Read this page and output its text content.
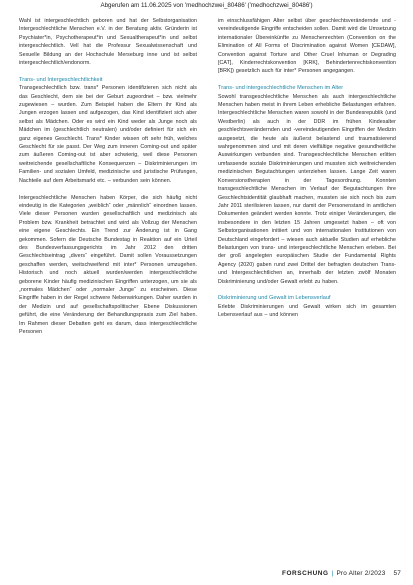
Abgerufen am 11.06.2025 von 'medhochzwei_80486' ('medhochzwei_80486')

Wahl ist intergeschlechtlich geboren und hat der Selbstorganisation Intergeschlechtliche Menschen e.V. in der Beratung aktiv. Gründerin ist Psychiater*in, Psychotherapeut*in und Sexualtherapeut*in und selbst intergeschlechtlich. Vell hat die Professur Sexualwissenschaft und Sexuelle Bildung an der Hochschule Merseburg inne und ist selbst intergeschlechtlich/endonorm.

Trans- und Intergeschlechtlichkeit

Transgeschlechtlich bzw. trans* Personen identifizieren sich nicht als das Geschlecht, dem sie bei der Geburt zugeordnet – bzw. vielmehr zugewiesen – wurden. Zum Beispiel haben die Eltern ihr Kind als Jungen erzogen lassen und aufgezogen, das Kind identifiziert sich aber selbst als Mädchen. Oder es wird ein Kind weder als Junge noch als Mädchen im (geschlechtlich neutralen) und/oder definiert für sich ein ganz eigenes Geschlecht. Trans* Kinder wissen oft sehr früh, welches Geschlecht für sie passt. Der Weg zum inneren Coming-out und später zum äußeren Coming-out ist aber schwierig, weil diese Personen weitreichende gesellschaftliche Konsequenzen – Diskriminierungen im Familien- und sozialen Umfeld, medizinische und juristische Prüfungen, Nachteile auf dem Arbeitsmarkt etc. – verbunden sein können.

Intergeschlechtliche Menschen haben Körper, die sich häufig nicht eindeutig in die Kategorien „weiblich“ oder „männlich“ einordnen lassen. Viele dieser Personen wurden gesellschaftlich und medizinisch als Problem bzw. Krankheit betrachtet und wird als Vollzug der Menschen eine eigene Geschlechts. Ein Trend zur Änderung ist in Gang gekommen. Sofern die Deutsche Bundestag in Reaktion auf ein Urteil des Bundesverfassungsgerichts im Jahr 2012 den dritten Geschlechtseintrag „divers“ eingeführt. Damit sollen Voraussetzungen geschaffen werden, weitschweifend mit inter* Personen umzugehen. Historisch und noch aktuell wurden/werden intergeschlechtliche geborene Kinder häufig medizinischen Eingriffen unterzogen, um sie als „normales Mädchen“ oder „normaler Junge“ zu erscheinen. Diese Eingriffe haben in der Regel schwere Nebenwirkungen. Daher wurden in der Medizin und auf gesellschaftspolitischer Ebene Diskussionen geführt, die eine Veränderung der Behandlungspraxis zum Ziel haben. Im Rahmen dieser Debatten geht es darum, dass intergeschlechtliche Personen

im einschlussfähigen Alter selbst über geschlechtsverändernde und -vereindeutigende Eingriffe entscheiden sollen. Damit wird die Umsetzung internationaler Übereinkünfte zu Menschenrechten (Convention on the Elimination of All Forms of Discrimination against Women [CEDAW], Convention against Torture and Other Cruel Inhuman or Degrading [CAT], Kinderrechtskonvention [KRK], Behindertenrechtskonvention [BRK]) gesetzlich auch für inter* Personen angegangen.

Trans- und intergeschlechtliche Menschen im Alter

Sowohl transgeschlechtliche Menschen als auch intergeschlechtliche Menschen haben meist in ihrem Leben erhebliche Belastungen erfahren. Intergeschlechtliche Menschen waren sowohl in der Bundesrepublik (und Westberlin) als auch in der DDR im frühen Kindesalter geschlechtsverändernden und -vereindeutigenden Eingriffen der Medizin ausgesetzt, die heute als äußerst belastend und traumatisierend wahrgenommen sind und mit deren vielfältige negative gesundheitliche Auswirkungen verbunden sind. Transgeschlechtliche Menschen erlitten umfassende soziale Diskriminierungen und mussten sich weitreichenden medizinischen Begutachtungen unterziehen lassen. Lange Zeit waren Konversionstherapien in der Tagesordnung. Konnten transgeschlechtliche Menschen im Verlauf der Begutachtungen ihre Geschlechtsidentität glaubhaft machen, mussten sie sich noch bis zum Jahr 2011 sterilisieren lassen, nur damit der Personenstand in amtlichen Dokumenten geändert werden konnte. Trotz einiger Veränderungen, die insbesondere in den letzten 15 Jahren umgesetzt haben – oft von Selbstorganisationen initiiert und von internationalen Institutionen von Deutschland eingefordert – wiesen auch aktuelle Studien auf erhebliche Belastungen von trans- und intergeschlechtliche Menschen erleben. Bei der groß angelegten europäischen Studie der Fundamental Rights Agency (2020) gaben rund zwei Drittel der befragten deutschen Trans- und Intergeschlechtlichen an, innerhalb der letzten zwölf Monaten Diskriminierung und/oder Gewalt erlebt zu haben.

Diskriminierung und Gewalt im Lebensverlauf

Erlebte Diskriminierungen und Gewalt wirken sich im gesamten Lebensverlauf aus – und können

FORSCHUNG | Pro Alter 2/2023 57
